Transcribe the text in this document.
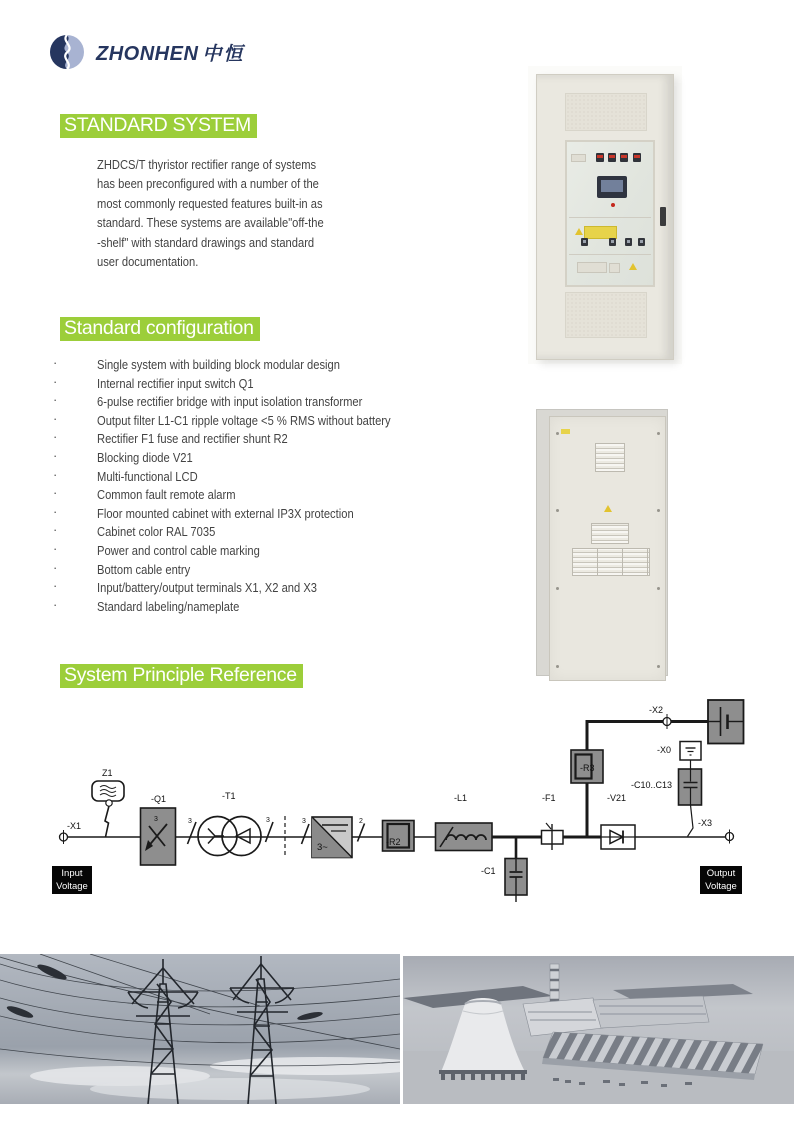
ZHONHEN 中恒
STANDARD SYSTEM
Standard configuration
System Principle Reference
ZHDCS/T thyristor rectifier range of systems
has been preconfigured with a number of the
most commonly requested features built-in as
standard. These systems are available"off-the
-shelf" with standard drawings and standard
user documentation.
·	Single system with building block modular design
·	Internal rectifier input switch Q1
·	6-pulse rectifier bridge with input isolation transformer
·	Output filter L1-C1 ripple voltage <5 % RMS without battery
·	Rectifier F1 fuse and rectifier shunt R2
·	Blocking diode V21
·	Multi-functional LCD
·	Common fault remote alarm
·	Floor mounted cabinet with external IP3X protection
·	Cabinet color RAL 7035
·	Power and control cable marking
·	Bottom cable entry
·	Input/battery/output terminals X1, X2 and X3
·	Standard labeling/nameplate
-X1
Z1
-Q1
3	3
-T1
3	3
3~
2
-R2
-L1
-C1
-F1
-R3
-X2
-X0
-C10..C13
-V21
-X3
Input
Voltage
Output
Voltage
